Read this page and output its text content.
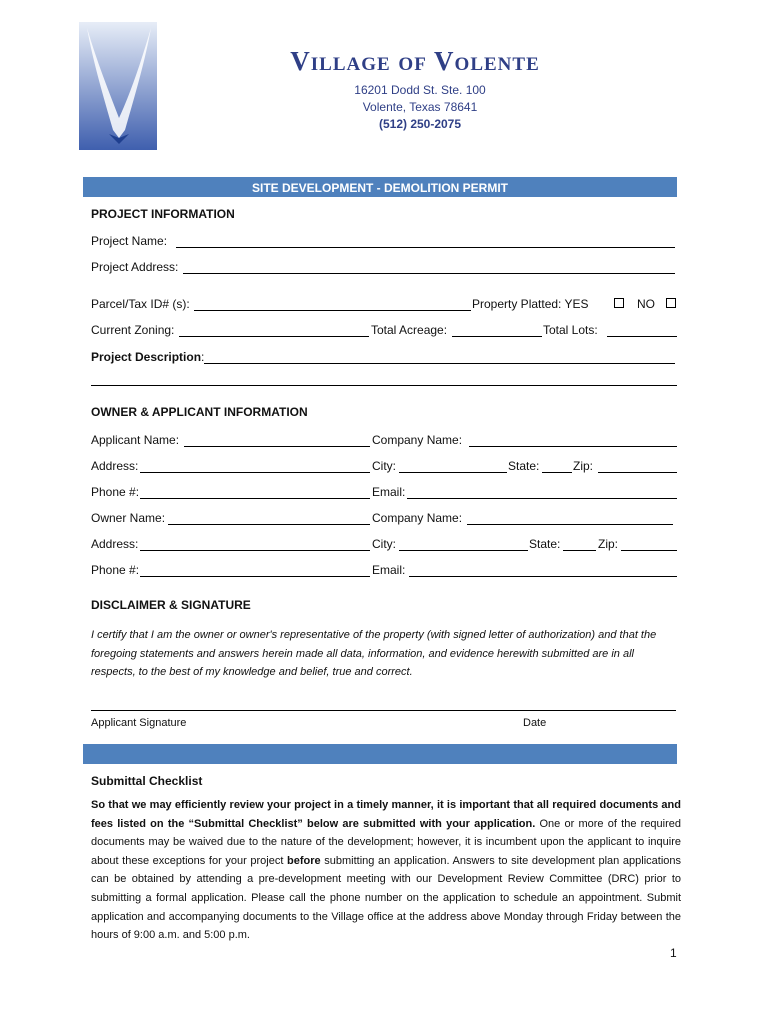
Village of Volente
16201 Dodd St. Ste. 100
Volente, Texas 78641
(512) 250-2075
SITE DEVELOPMENT - DEMOLITION PERMIT
PROJECT INFORMATION
Project Name:
Project Address:
Parcel/Tax ID# (s):	Property Platted: YES	NO
Current Zoning:	Total Acreage:	Total Lots:
Project Description:
OWNER & APPLICANT INFORMATION
Applicant Name:	Company Name:
Address:	City:	State:	Zip:
Phone #:	Email:
Owner Name:	Company Name:
Address:	City:	State:	Zip:
Phone #:	Email:
DISCLAIMER & SIGNATURE
I certify that I am the owner or owner's representative of the property (with signed letter of authorization) and that the foregoing statements and answers herein made all data, information, and evidence herewith submitted are in all respects, to the best of my knowledge and belief, true and correct.
Applicant Signature	Date
Submittal Checklist
So that we may efficiently review your project in a timely manner, it is important that all required documents and fees listed on the “Submittal Checklist” below are submitted with your application. One or more of the required documents may be waived due to the nature of the development; however, it is incumbent upon the applicant to inquire about these exceptions for your project before submitting an application. Answers to site development plan applications can be obtained by attending a pre-development meeting with our Development Review Committee (DRC) prior to submitting a formal application. Please call the phone number on the application to schedule an appointment. Submit application and accompanying documents to the Village office at the address above Monday through Friday between the hours of 9:00 a.m. and 5:00 p.m.
1
